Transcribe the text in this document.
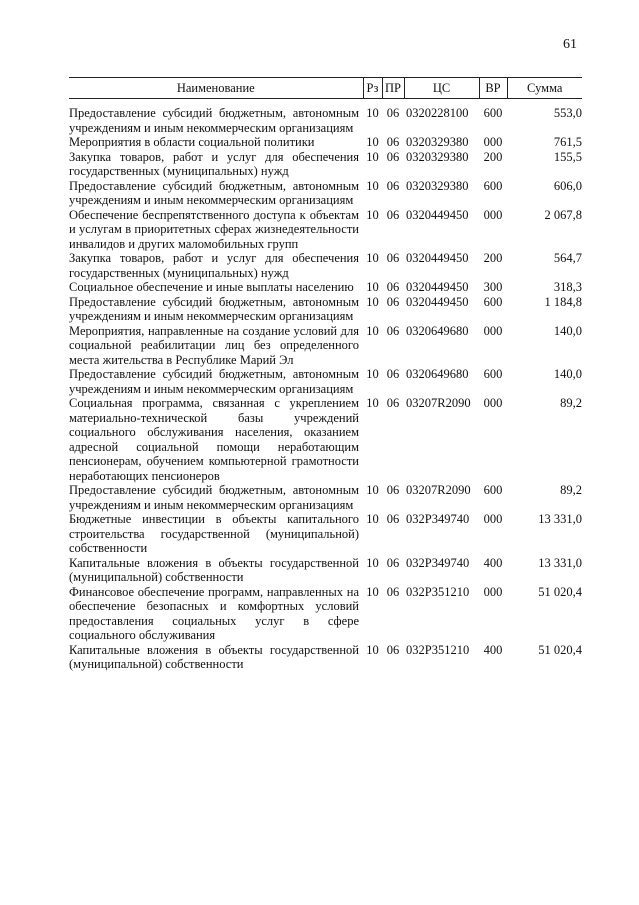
61
Наименование	Рз	ПР	ЦС	ВР	Сумма
Предоставление субсидий бюджетным, автономным учреждениям и иным некоммерческим организациям	10	06	0320228100	600	553,0
Мероприятия в области социальной политики	10	06	0320329380	000	761,5
Закупка товаров, работ и услуг для обеспечения государственных (муниципальных) нужд	10	06	0320329380	200	155,5
Предоставление субсидий бюджетным, автономным учреждениям и иным некоммерческим организациям	10	06	0320329380	600	606,0
Обеспечение беспрепятственного доступа к объектам и услугам в приоритетных сферах жизнедеятельности инвалидов и других маломобильных групп	10	06	0320449450	000	2 067,8
Закупка товаров, работ и услуг для обеспечения государственных (муниципальных) нужд	10	06	0320449450	200	564,7
Социальное обеспечение и иные выплаты населению	10	06	0320449450	300	318,3
Предоставление субсидий бюджетным, автономным учреждениям и иным некоммерческим организациям	10	06	0320449450	600	1 184,8
Мероприятия, направленные на создание условий для социальной реабилитации лиц без определенного места жительства в Республике Марий Эл	10	06	0320649680	000	140,0
Предоставление субсидий бюджетным, автономным учреждениям и иным некоммерческим организациям	10	06	0320649680	600	140,0
Социальная программа, связанная с укреплением материально-технической базы учреждений социального обслуживания населения, оказанием адресной социальной помощи неработающим пенсионерам, обучением компьютерной грамотности неработающих пенсионеров	10	06	03207R2090	000	89,2
Предоставление субсидий бюджетным, автономным учреждениям и иным некоммерческим организациям	10	06	03207R2090	600	89,2
Бюджетные инвестиции в объекты капитального строительства государственной (муниципальной) собственности	10	06	032P349740	000	13 331,0
Капитальные вложения в объекты государственной (муниципальной) собственности	10	06	032P349740	400	13 331,0
Финансовое обеспечение программ, направленных на обеспечение безопасных и комфортных условий предоставления социальных услуг в сфере социального обслуживания	10	06	032P351210	000	51 020,4
Капитальные вложения в объекты государственной (муниципальной) собственности	10	06	032P351210	400	51 020,4
